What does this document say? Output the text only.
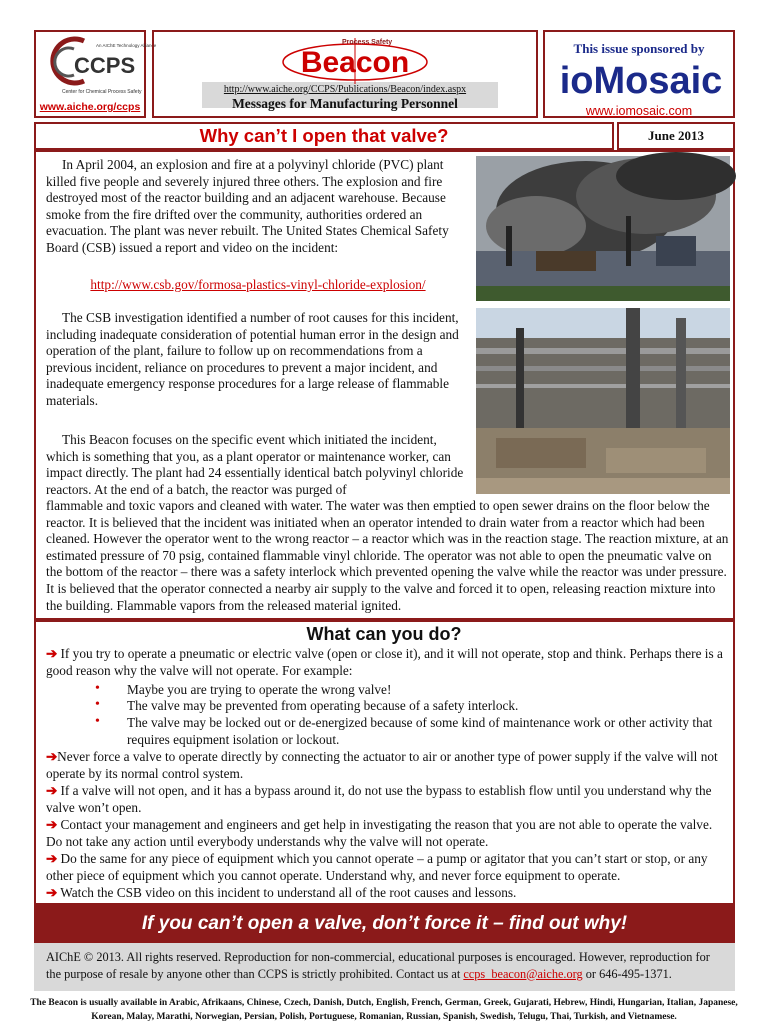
CCPS
An AIChE Technology Alliance
Center for Chemical Process Safety
www.aiche.org/ccps
Process Safety
Beacon
http://www.aiche.org/CCPS/Publications/Beacon/index.aspx
Messages for Manufacturing Personnel
This issue sponsored by
ioMosaic
www.iomosaic.com
Why can’t I open that valve?	June 2013

In April 2004, an explosion and fire at a polyvinyl chloride (PVC) plant killed five people and severely injured three others. The explosion and fire destroyed most of the reactor building and an adjacent warehouse. Because smoke from the fire drifted over the community, authorities ordered an evacuation. The plant was never rebuilt. The United States Chemical Safety Board (CSB) issued a report and video on the incident:

http://www.csb.gov/formosa-plastics-vinyl-chloride-explosion/

The CSB investigation identified a number of root causes for this incident, including inadequate consideration of potential human error in the design and operation of the plant, failure to follow up on recommendations from a previous incident, reliance on procedures to prevent a major incident, and inadequate emergency response procedures for a large release of flammable materials.

This Beacon focuses on the specific event which initiated the incident, which is something that you, as a plant operator or maintenance worker, can impact directly. The plant had 24 essentially identical batch polyvinyl chloride reactors. At the end of a batch, the reactor was purged of

flammable and toxic vapors and cleaned with water. The water was then emptied to open sewer drains on the floor below the reactor. It is believed that the incident was initiated when an operator intended to drain water from a reactor which had been cleaned. However the operator went to the wrong reactor – a reactor which was in the reaction stage. The reaction mixture, at an estimated pressure of 70 psig, contained flammable vinyl chloride. The operator was not able to open the pneumatic valve on the bottom of the reactor – there was a safety interlock which prevented opening the valve while the reactor was under pressure. It is believed that the operator connected a nearby air supply to the valve and forced it to open, releasing reaction mixture into the building. Flammable vapors from the released material ignited.

What can you do?
➔ If you try to operate a pneumatic or electric valve (open or close it), and it will not operate, stop and think. Perhaps there is a good reason why the valve will not operate. For example:
• Maybe you are trying to operate the wrong valve!
• The valve may be prevented from operating because of a safety interlock.
• The valve may be locked out or de-energized because of some kind of maintenance work or other activity that requires equipment isolation or lockout.
➔Never force a valve to operate directly by connecting the actuator to air or another type of power supply if the valve will not operate by its normal control system.
➔ If a valve will not open, and it has a bypass around it, do not use the bypass to establish flow until you understand why the valve won’t open.
➔ Contact your management and engineers and get help in investigating the reason that you are not able to operate the valve. Do not take any action until everybody understands why the valve will not operate.
➔ Do the same for any piece of equipment which you cannot operate – a pump or agitator that you can’t start or stop, or any other piece of equipment which you cannot operate. Understand why, and never force equipment to operate.
➔ Watch the CSB video on this incident to understand all of the root causes and lessons.
If you can’t open a valve, don’t force it – find out why!
AIChE © 2013. All rights reserved. Reproduction for non-commercial, educational purposes is encouraged. However, reproduction for the purpose of resale by anyone other than CCPS is strictly prohibited. Contact us at ccps_beacon@aiche.org or 646-495-1371.
The Beacon is usually available in Arabic, Afrikaans, Chinese, Czech, Danish, Dutch, English, French, German, Greek, Gujarati, Hebrew, Hindi, Hungarian, Italian, Japanese, Korean, Malay, Marathi, Norwegian, Persian, Polish, Portuguese, Romanian, Russian, Spanish, Swedish, Telugu, Thai, Turkish, and Vietnamese.
